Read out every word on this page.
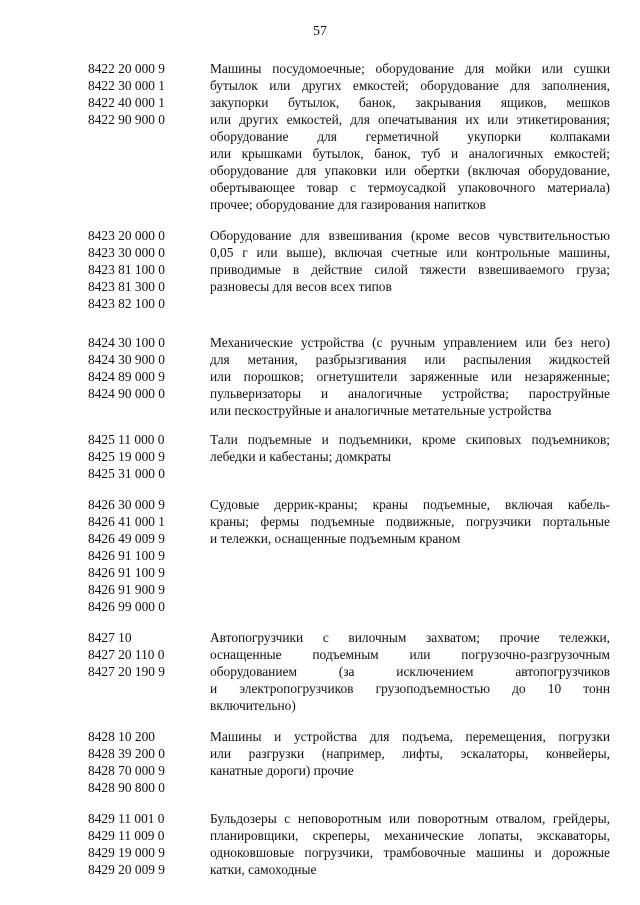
57
8422 20 000 9
8422 30 000 1
8422 40 000 1
8422 90 900 0
Машины посудомоечные; оборудование для мойки или сушки
бутылок или других емкостей; оборудование для заполнения,
закупорки бутылок, банок, закрывания ящиков, мешков
или других емкостей, для опечатывания их или этикетирования;
оборудование для герметичной укупорки колпаками
или крышками бутылок, банок, туб и аналогичных емкостей;
оборудование для упаковки или обертки (включая оборудование,
обертывающее товар с термоусадкой упаковочного материала)
прочее; оборудование для газирования напитков
8423 20 000 0
8423 30 000 0
8423 81 100 0
8423 81 300 0
8423 82 100 0
Оборудование для взвешивания (кроме весов чувствительностью
0,05 г или выше), включая счетные или контрольные машины,
приводимые в действие силой тяжести взвешиваемого груза;
разновесы для весов всех типов
8424 30 100 0
8424 30 900 0
8424 89 000 9
8424 90 000 0
Механические устройства (с ручным управлением или без него)
для метания, разбрызгивания или распыления жидкостей
или порошков; огнетушители заряженные или незаряженные;
пульверизаторы и аналогичные устройства; пароструйные
или пескоструйные и аналогичные метательные устройства
8425 11 000 0
8425 19 000 9
8425 31 000 0
Тали подъемные и подъемники, кроме скиповых подъемников;
лебедки и кабестаны; домкраты
8426 30 000 9
8426 41 000 1
8426 49 009 9
8426 91 100 9
8426 91 100 9
8426 91 900 9
8426 99 000 0
Судовые деррик-краны; краны подъемные, включая кабель-
краны; фермы подъемные подвижные, погрузчики портальные
и тележки, оснащенные подъемным краном
8427 10
8427 20 110 0
8427 20 190 9
Автопогрузчики с вилочным захватом; прочие тележки,
оснащенные подъемным или погрузочно-разгрузочным
оборудованием (за исключением автопогрузчиков
и электропогрузчиков грузоподъемностью до 10 тонн
включительно)
8428 10 200
8428 39 200 0
8428 70 000 9
8428 90 800 0
Машины и устройства для подъема, перемещения, погрузки
или разгрузки (например, лифты, эскалаторы, конвейеры,
канатные дороги) прочие
8429 11 001 0
8429 11 009 0
8429 19 000 9
8429 20 009 9
Бульдозеры с неповоротным или поворотным отвалом, грейдеры,
планировщики, скреперы, механические лопаты, экскаваторы,
одноковшовые погрузчики, трамбовочные машины и дорожные
катки, самоходные
